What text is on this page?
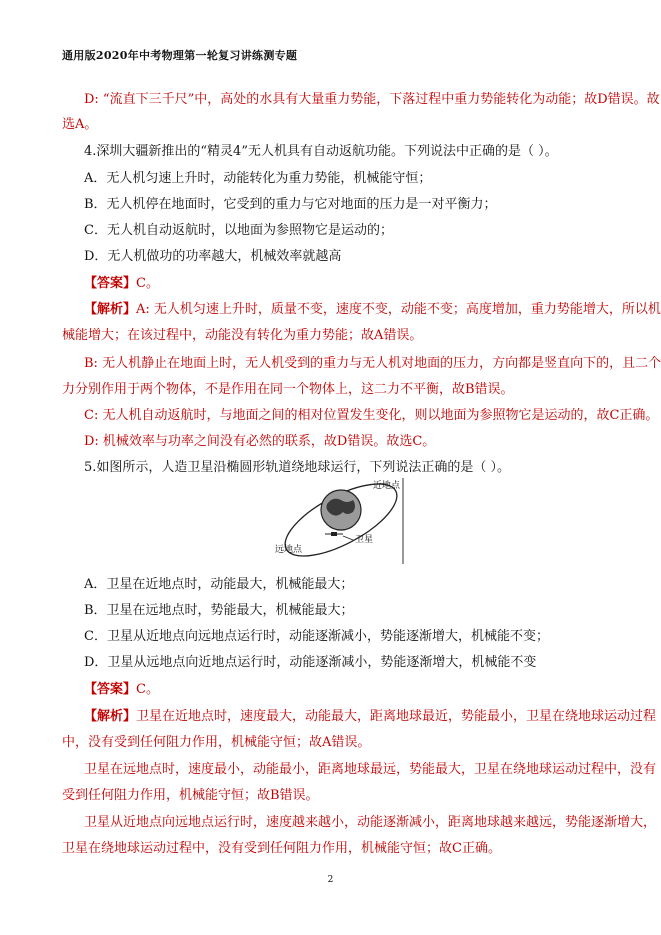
通用版2020年中考物理第一轮复习讲练测专题
D: “流直下三千尺”中，高处的水具有大量重力势能，下落过程中重力势能转化为动能；故D错误。故
选A。
4.深圳大疆新推出的“精灵4”无人机具有自动返航功能。下列说法中正确的是（ ）。
A．无人机匀速上升时，动能转化为重力势能，机械能守恒；
B．无人机停在地面时，它受到的重力与它对地面的压力是一对平衡力；
C．无人机自动返航时，以地面为参照物它是运动的；
D．无人机做功的功率越大，机械效率就越高
【答案】C。
【解析】A: 无人机匀速上升时，质量不变，速度不变，动能不变；高度增加，重力势能增大，所以机
械能增大；在该过程中，动能没有转化为重力势能；故A错误。
B: 无人机静止在地面上时，无人机受到的重力与无人机对地面的压力，方向都是竖直向下的，且二个
力分别作用于两个物体，不是作用在同一个物体上，这二力不平衡，故B错误。
C: 无人机自动返航时，与地面之间的相对位置发生变化，则以地面为参照物它是运动的，故C正确。
D: 机械效率与功率之间没有必然的联系，故D错误。故选C。
5.如图所示，人造卫星沿椭圆形轨道绕地球运行，下列说法正确的是（ ）。
近地点
卫星
远地点
A．卫星在近地点时，动能最大，机械能最大；
B．卫星在远地点时，势能最大，机械能最大；
C．卫星从近地点向远地点运行时，动能逐渐减小，势能逐渐增大，机械能不变；
D．卫星从远地点向近地点运行时，动能逐渐减小，势能逐渐增大，机械能不变
【答案】C。
【解析】卫星在近地点时，速度最大，动能最大，距离地球最近，势能最小，卫星在绕地球运动过程
中，没有受到任何阻力作用，机械能守恒；故A错误。
卫星在远地点时，速度最小，动能最小，距离地球最远，势能最大，卫星在绕地球运动过程中，没有
受到任何阻力作用，机械能守恒；故B错误。
卫星从近地点向远地点运行时，速度越来越小，动能逐渐减小，距离地球越来越远，势能逐渐增大，
卫星在绕地球运动过程中，没有受到任何阻力作用，机械能守恒；故C正确。
2
